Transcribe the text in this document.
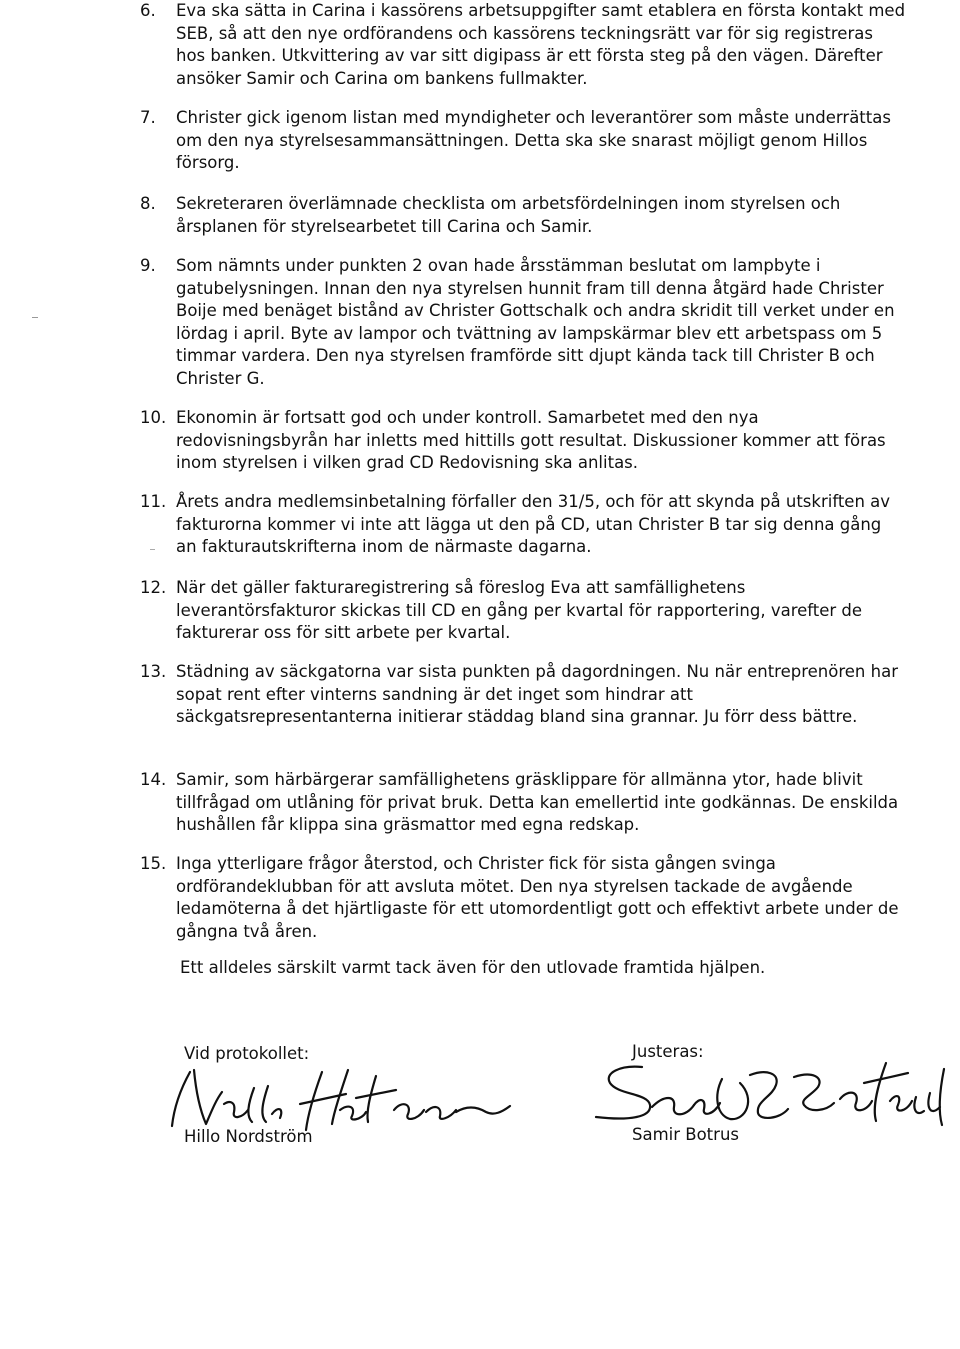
6.	Eva ska sätta in Carina i kassörens arbetsuppgifter samt etablera en första kontakt med SEB, så att den nye ordförandens och kassörens teckningsrätt var för sig registreras hos banken. Utkvittering av var sitt digipass är ett första steg på den vägen. Därefter ansöker Samir och Carina om bankens fullmakter.
7.	Christer gick igenom listan med myndigheter och leverantörer som måste underrättas om den nya styrelsesammansättningen. Detta ska ske snarast möjligt genom Hillos försorg.
8.	Sekreteraren överlämnade checklista om arbetsfördelningen inom styrelsen och årsplanen för styrelsearbetet till Carina och Samir.
9.	Som nämnts under punkten 2 ovan hade årsstämman beslutat om lampbyte i gatubelysningen. Innan den nya styrelsen hunnit fram till denna åtgärd hade Christer Boije med benäget bistånd av Christer Gottschalk och andra skridit till verket under en lördag i april. Byte av lampor och tvättning av lampskärmar blev ett arbetspass om 5 timmar vardera. Den nya styrelsen framförde sitt djupt kända tack till Christer B och Christer G.
10. Ekonomin är fortsatt god och under kontroll. Samarbetet med den nya redovisningsbyrån har inletts med hittills gott resultat. Diskussioner kommer att föras inom styrelsen i vilken grad CD Redovisning ska anlitas.
11. Årets andra medlemsinbetalning förfaller den 31/5, och för att skynda på utskriften av fakturorna kommer vi inte att lägga ut den på CD, utan Christer B tar sig denna gång an fakturautskrifterna inom de närmaste dagarna.
12. När det gäller fakturaregistrering så föreslog Eva att samfällighetens leverantörsfakturor skickas till CD en gång per kvartal för rapportering, varefter de fakturerar oss för sitt arbete per kvartal.
13. Städning av säckgatorna var sista punkten på dagordningen. Nu när entreprenören har sopat rent efter vinterns sandning är det inget som hindrar att säckgatsrepresentanterna initierar städdag bland sina grannar. Ju förr dess bättre.
14. Samir, som härbärgerar samfällighetens gräsklippare för allmänna ytor, hade blivit tillfrågad om utlåning för privat bruk. Detta kan emellertid inte godkännas. De enskilda hushållen får klippa sina gräsmattor med egna redskap.
15. Inga ytterligare frågor återstod, och Christer fick för sista gången svinga ordförandeklubban för att avsluta mötet. Den nya styrelsen tackade de avgående ledamöterna å det hjärtligaste för ett utomordentligt gott och effektivt arbete under de gångna två åren.
Ett alldeles särskilt varmt tack även för den utlovade framtida hjälpen.
Vid protokollet:	Justeras:
Hillo Nordström	Samir Botrus
